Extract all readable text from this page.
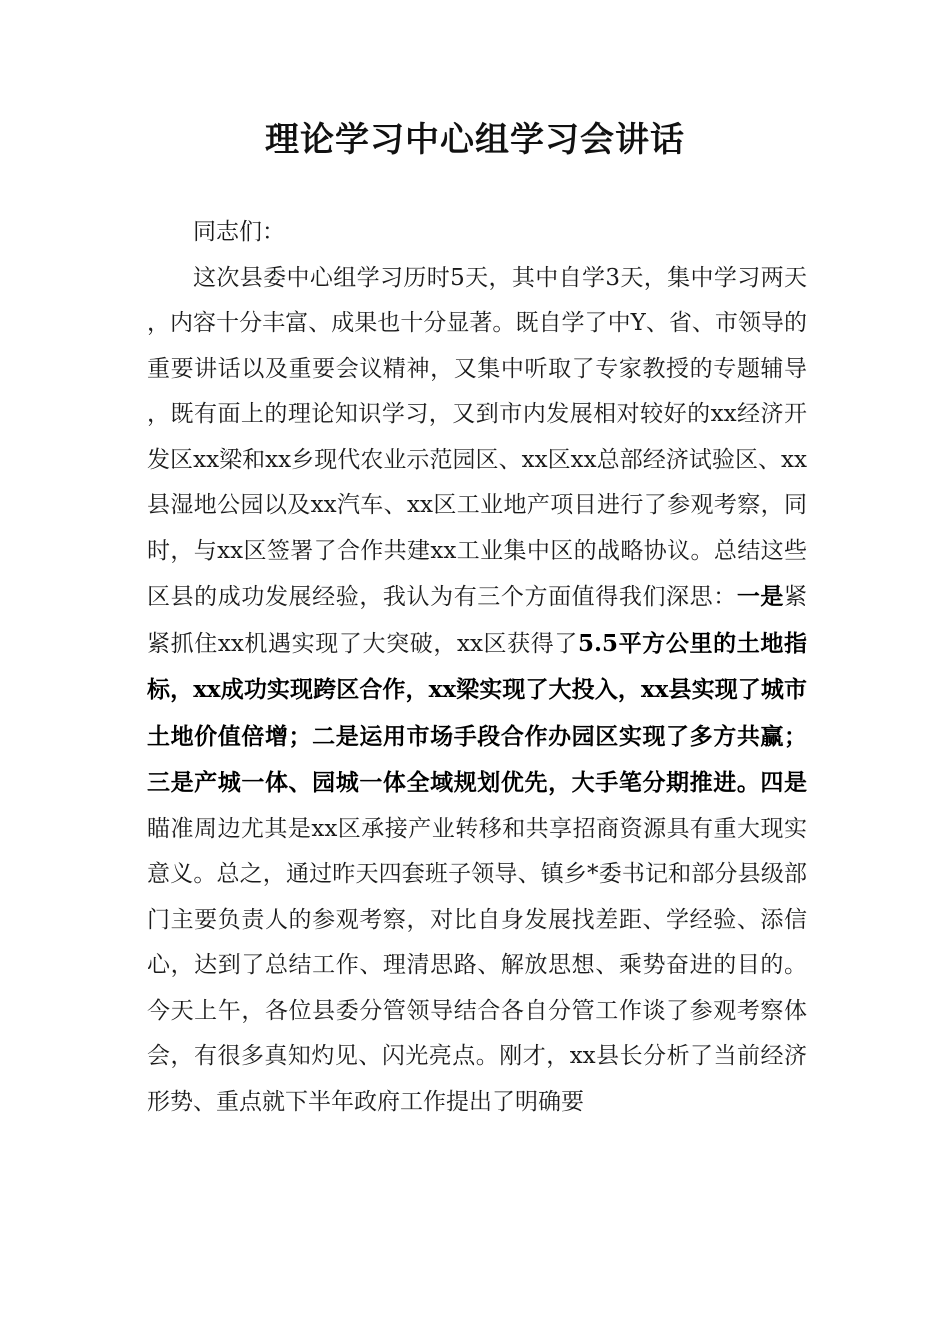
理论学习中心组学习会讲话

同志们：

这次县委中心组学习历时5天，其中自学3天，集中学习两天，内容十分丰富、成果也十分显著。既自学了中Y、省、市领导的重要讲话以及重要会议精神，又集中听取了专家教授的专题辅导，既有面上的理论知识学习，又到市内发展相对较好的xx经济开发区xx梁和xx乡现代农业示范园区、xx区xx总部经济试验区、xx县湿地公园以及xx汽车、xx区工业地产项目进行了参观考察，同时，与xx区签署了合作共建xx工业集中区的战略协议。总结这些区县的成功发展经验，我认为有三个方面值得我们深思：一是紧紧抓住xx机遇实现了大突破，xx区获得了5.5平方公里的土地指标，xx成功实现跨区合作，xx梁实现了大投入，xx县实现了城市土地价值倍增；二是运用市场手段合作办园区实现了多方共赢；三是产城一体、园城一体全域规划优先，大手笔分期推进。四是瞄准周边尤其是xx区承接产业转移和共享招商资源具有重大现实意义。总之，通过昨天四套班子领导、镇乡*委书记和部分县级部门主要负责人的参观考察，对比自身发展找差距、学经验、添信心，达到了总结工作、理清思路、解放思想、乘势奋进的目的。今天上午，各位县委分管领导结合各自分管工作谈了参观考察体会，有很多真知灼见、闪光亮点。刚才，xx县长分析了当前经济形势、重点就下半年政府工作提出了明确要
